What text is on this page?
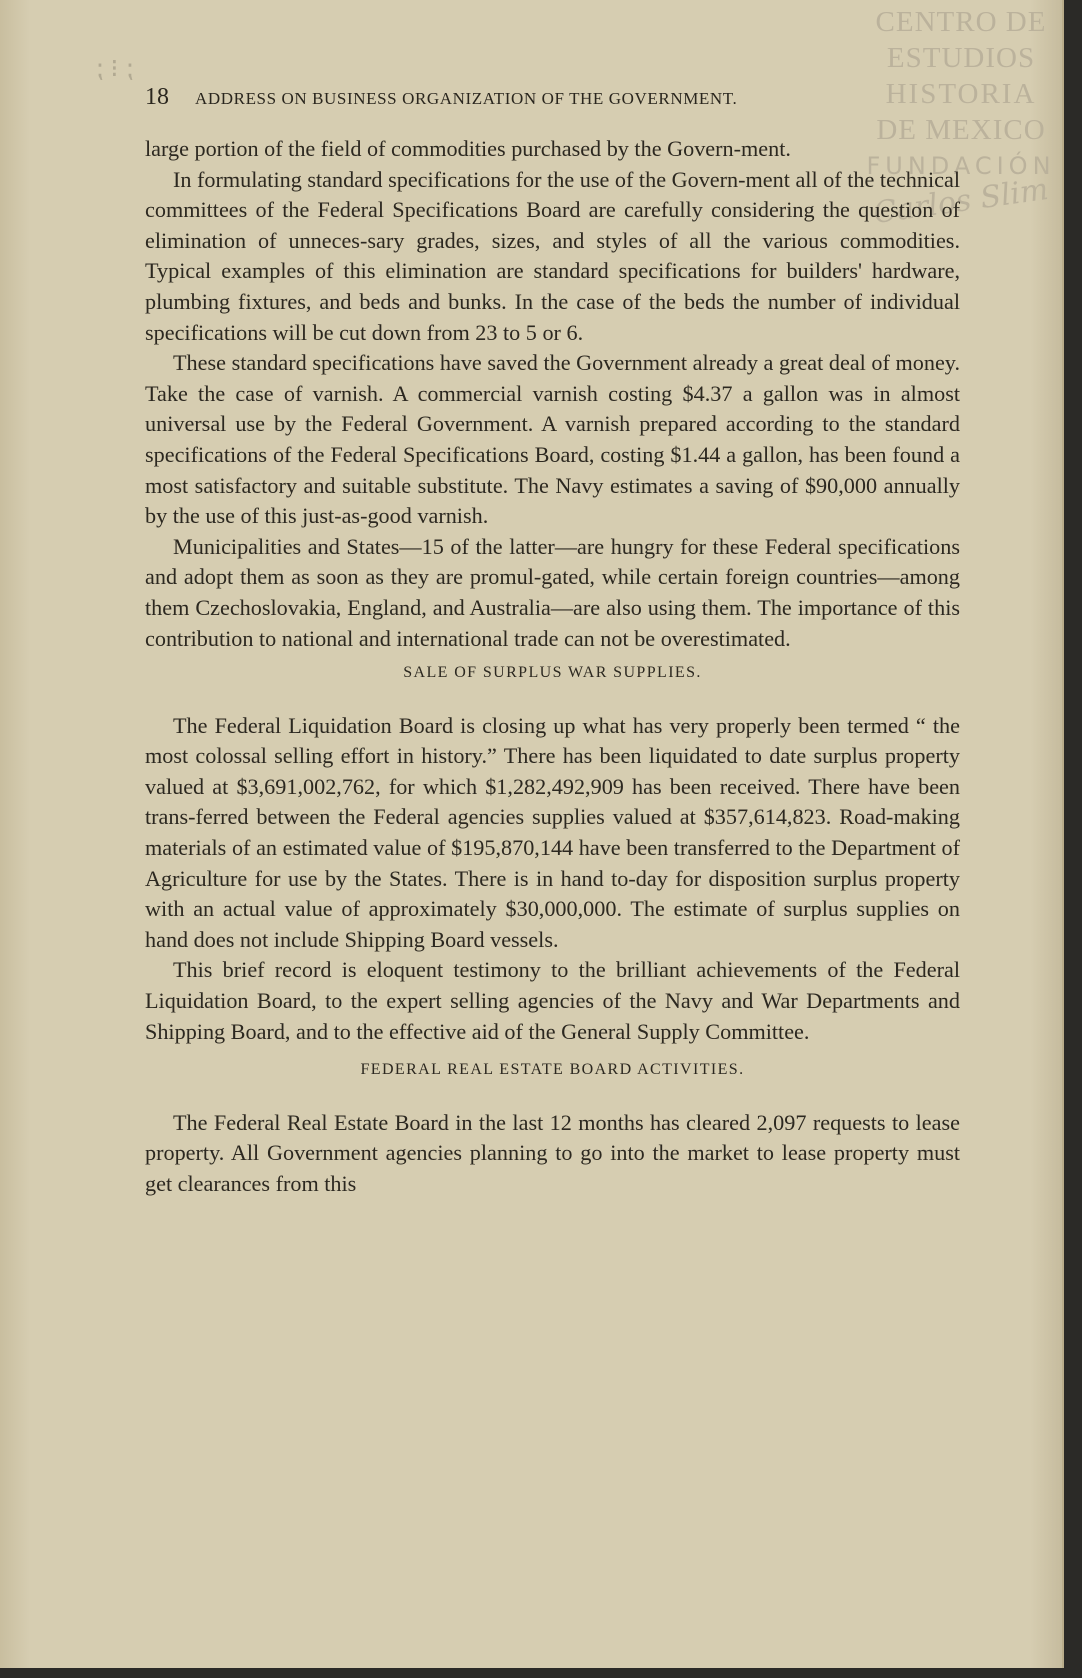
⁏ ⁝ ⁏
CENTRO DE
ESTUDIOS
HISTORIA
DE MEXICO
FUNDACIÓN
Carlos Slim
18 ADDRESS ON BUSINESS ORGANIZATION OF THE GOVERNMENT.

large portion of the field of commodities purchased by the Govern-ment.

In formulating standard specifications for the use of the Govern-ment all of the technical committees of the Federal Specifications Board are carefully considering the question of elimination of unneces-sary grades, sizes, and styles of all the various commodities. Typical examples of this elimination are standard specifications for builders' hardware, plumbing fixtures, and beds and bunks. In the case of the beds the number of individual specifications will be cut down from 23 to 5 or 6.

These standard specifications have saved the Government already a great deal of money. Take the case of varnish. A commercial varnish costing $4.37 a gallon was in almost universal use by the Federal Government. A varnish prepared according to the standard specifications of the Federal Specifications Board, costing $1.44 a gallon, has been found a most satisfactory and suitable substitute. The Navy estimates a saving of $90,000 annually by the use of this just-as-good varnish.

Municipalities and States—15 of the latter—are hungry for these Federal specifications and adopt them as soon as they are promul-gated, while certain foreign countries—among them Czechoslovakia, England, and Australia—are also using them. The importance of this contribution to national and international trade can not be overestimated.

SALE OF SURPLUS WAR SUPPLIES.

The Federal Liquidation Board is closing up what has very properly been termed “ the most colossal selling effort in history.” There has been liquidated to date surplus property valued at $3,691,002,762, for which $1,282,492,909 has been received. There have been trans-ferred between the Federal agencies supplies valued at $357,614,823. Road-making materials of an estimated value of $195,870,144 have been transferred to the Department of Agriculture for use by the States. There is in hand to-day for disposition surplus property with an actual value of approximately $30,000,000. The estimate of surplus supplies on hand does not include Shipping Board vessels.

This brief record is eloquent testimony to the brilliant achievements of the Federal Liquidation Board, to the expert selling agencies of the Navy and War Departments and Shipping Board, and to the effective aid of the General Supply Committee.

FEDERAL REAL ESTATE BOARD ACTIVITIES.

The Federal Real Estate Board in the last 12 months has cleared 2,097 requests to lease property. All Government agencies planning to go into the market to lease property must get clearances from this
